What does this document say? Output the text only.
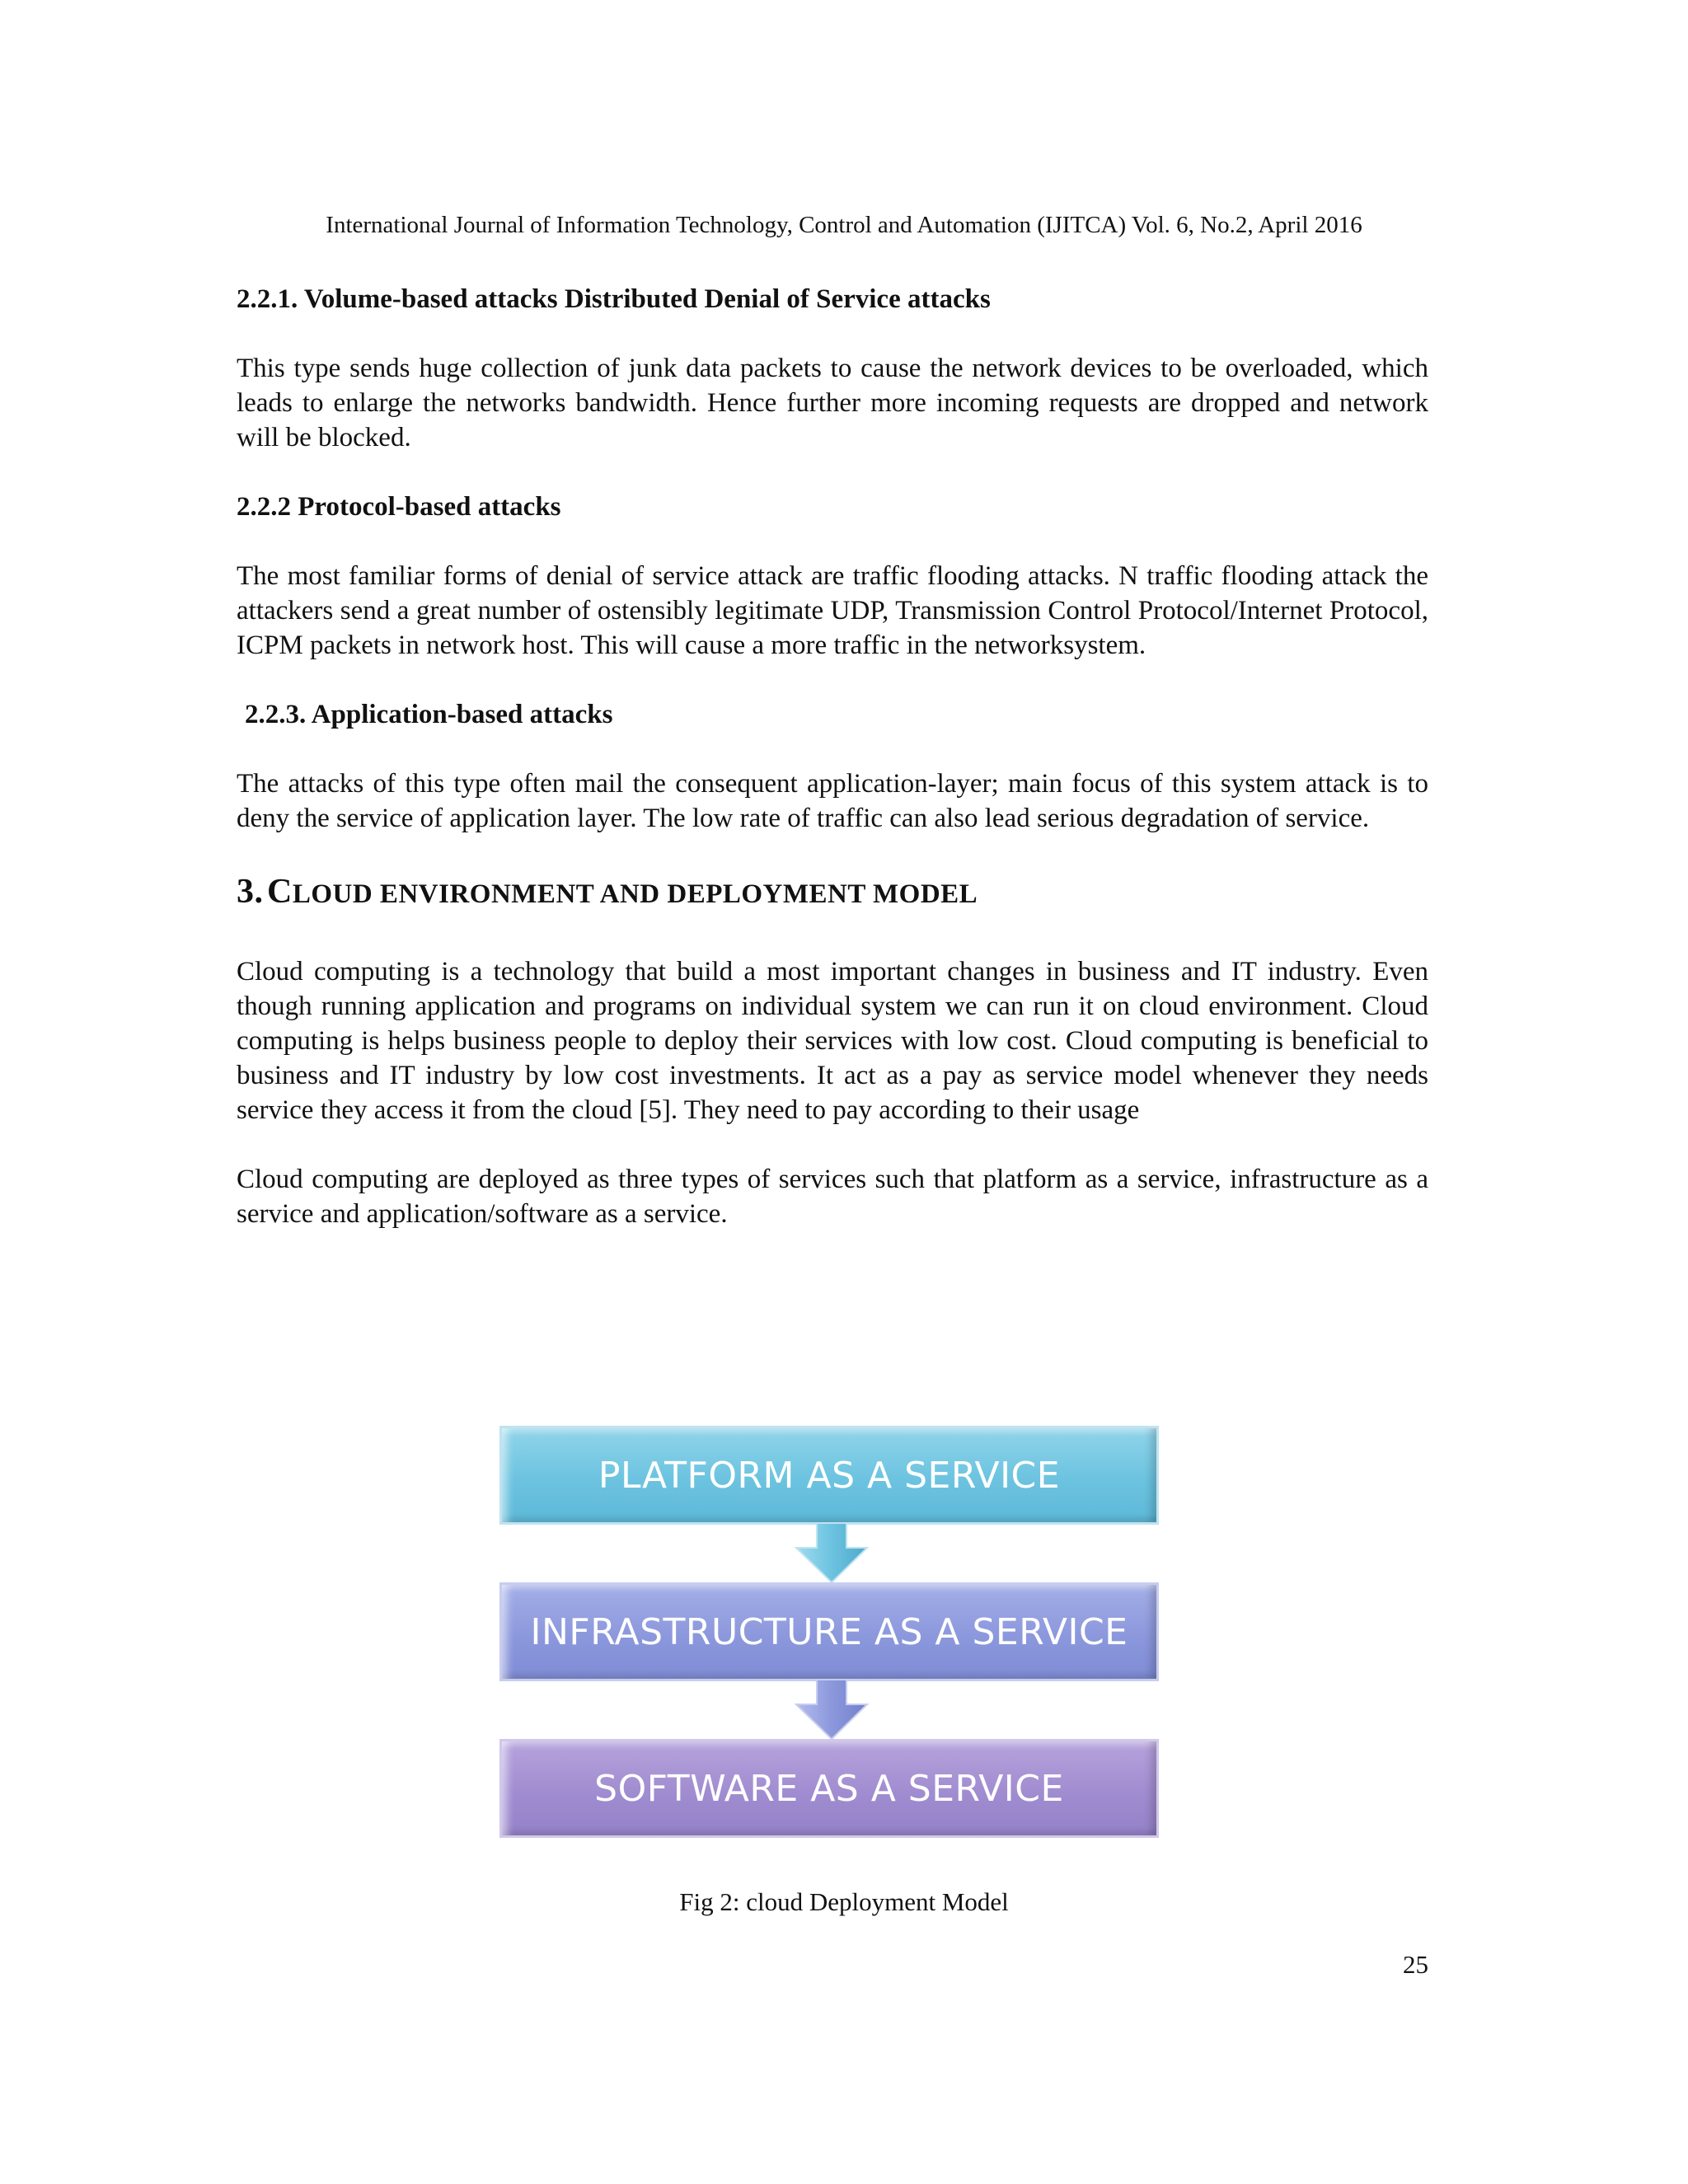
International Journal of Information Technology, Control and Automation (IJITCA) Vol. 6, No.2, April 2016

2.2.1. Volume-based attacks Distributed Denial of Service attacks

This type sends huge collection of junk data packets to cause the network devices to be overloaded, which leads to enlarge the networks bandwidth. Hence further more incoming requests are dropped and network will be blocked.

2.2.2 Protocol-based attacks

The most familiar forms of denial of service attack are traffic flooding attacks. N traffic flooding attack the attackers send a great number of ostensibly legitimate UDP, Transmission Control Protocol/Internet Protocol, ICPM packets in network host. This will cause a more traffic in the networksystem.

2.2.3. Application-based attacks

The attacks of this type often mail the consequent application-layer; main focus of this system attack is to deny the service of application layer. The low rate of traffic can also lead serious degradation of service.

3. CLOUD ENVIRONMENT AND DEPLOYMENT MODEL

Cloud computing is a technology that build a most important changes in business and IT industry. Even though running application and programs on individual system we can run it on cloud environment. Cloud computing is helps business people to deploy their services with low cost. Cloud computing is beneficial to business and IT industry by low cost investments. It act as a pay as service model whenever they needs service they access it from the cloud [5]. They need to pay according to their usage

Cloud computing are deployed as three types of services such that platform as a service, infrastructure as a service and application/software as a service.

PLATFORM AS A SERVICE
INFRASTRUCTURE AS A SERVICE
SOFTWARE AS A SERVICE
Fig 2: cloud Deployment Model
25
